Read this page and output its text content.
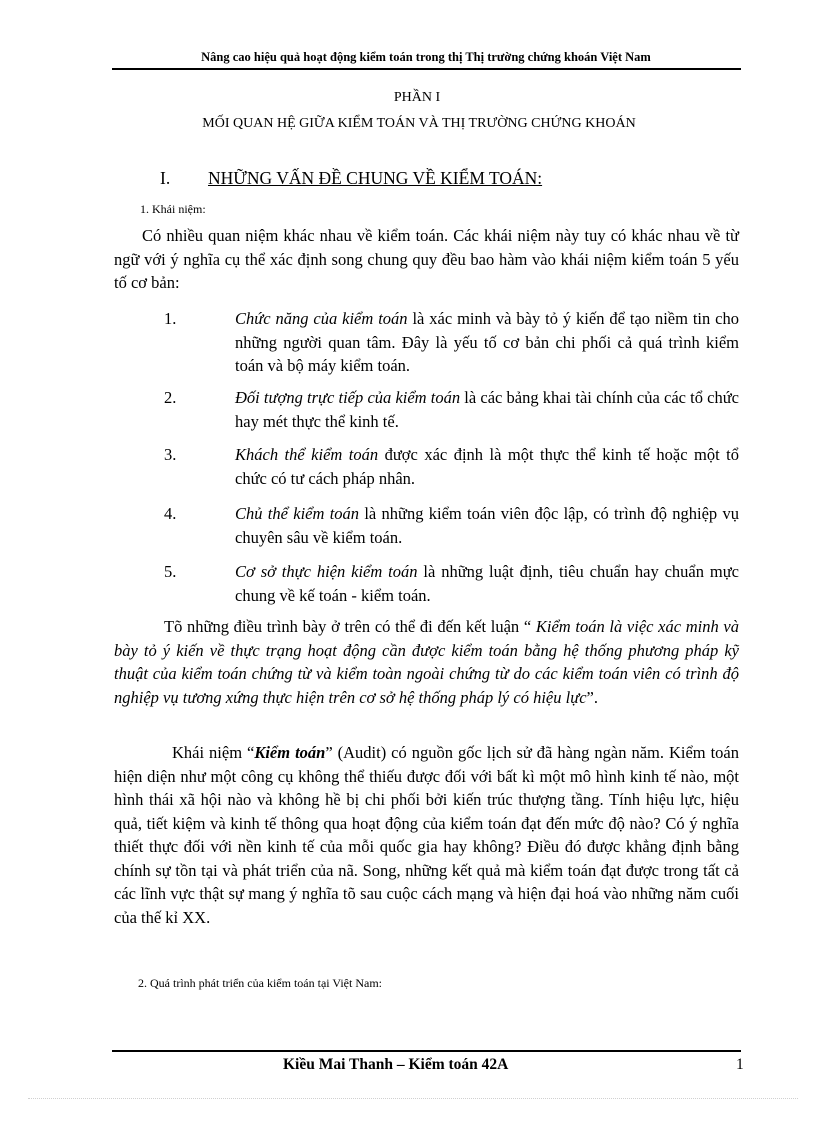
Nâng cao hiệu quả hoạt động kiểm toán trong thị Thị trường chứng khoán Việt Nam
PHẦN I
MỐI QUAN HỆ GIỮA KIỂM TOÁN VÀ THỊ TRƯỜNG CHỨNG KHOÁN
I. NHỮNG VẤN ĐỀ CHUNG VỀ KIỂM TOÁN:
1. Khái niệm:

Có nhiều quan niệm khác nhau về kiểm toán. Các khái niệm này tuy có khác nhau về từ ngữ với ý nghĩa cụ thể xác định song chung quy đều bao hàm vào khái niệm kiểm toán 5 yếu tố cơ bản:

1.	Chức năng của kiểm toán là xác minh và bày tỏ ý kiến để tạo niềm tin cho những người quan tâm. Đây là yếu tố cơ bản chi phối cả quá trình kiểm toán và bộ máy kiểm toán.
2.	Đối tượng trực tiếp của kiểm toán là các bảng khai tài chính của các tổ chức hay mét thực thể kinh tế.
3.	Khách thể kiểm toán được xác định là một thực thể kinh tế hoặc một tổ chức có tư cách pháp nhân.
4.	Chủ thể kiểm toán là những kiểm toán viên độc lập, có trình độ nghiệp vụ chuyên sâu về kiểm toán.
5.	Cơ sở thực hiện kiểm toán là những luật định, tiêu chuẩn hay chuẩn mực chung về kế toán - kiểm toán.

Tõ những điều trình bày ở trên có thể đi đến kết luận “ Kiểm toán là việc xác minh và bày tỏ ý kiến về thực trạng hoạt động cần được kiểm toán bằng hệ thống phương pháp kỹ thuật của kiểm toán chứng từ và kiểm toàn ngoài chứng từ do các kiểm toán viên có trình độ nghiệp vụ tương xứng thực hiện trên cơ sở hệ thống pháp lý có hiệu lực”.

Khái niệm “Kiểm toán” (Audit) có nguồn gốc lịch sử đã hàng ngàn năm. Kiểm toán hiện diện như một công cụ không thể thiếu được đối với bất kì một mô hình kinh tế nào, một hình thái xã hội nào và không hề bị chi phối bởi kiến trúc thượng tầng. Tính hiệu lực, hiệu quả, tiết kiệm và kinh tế thông qua hoạt động của kiểm toán đạt đến mức độ nào? Có ý nghĩa thiết thực đối với nền kinh tế của mỗi quốc gia hay không? Điều đó được khẳng định bằng chính sự tồn tại và phát triển của nã. Song, những kết quả mà kiểm toán đạt được trong tất cả các lĩnh vực thật sự mang ý nghĩa tõ sau cuộc cách mạng và hiện đại hoá vào những năm cuối của thế kỉ XX.

2. Quá trình phát triển của kiểm toán tại Việt Nam:
Kiều Mai Thanh – Kiểm toán 42A	1
